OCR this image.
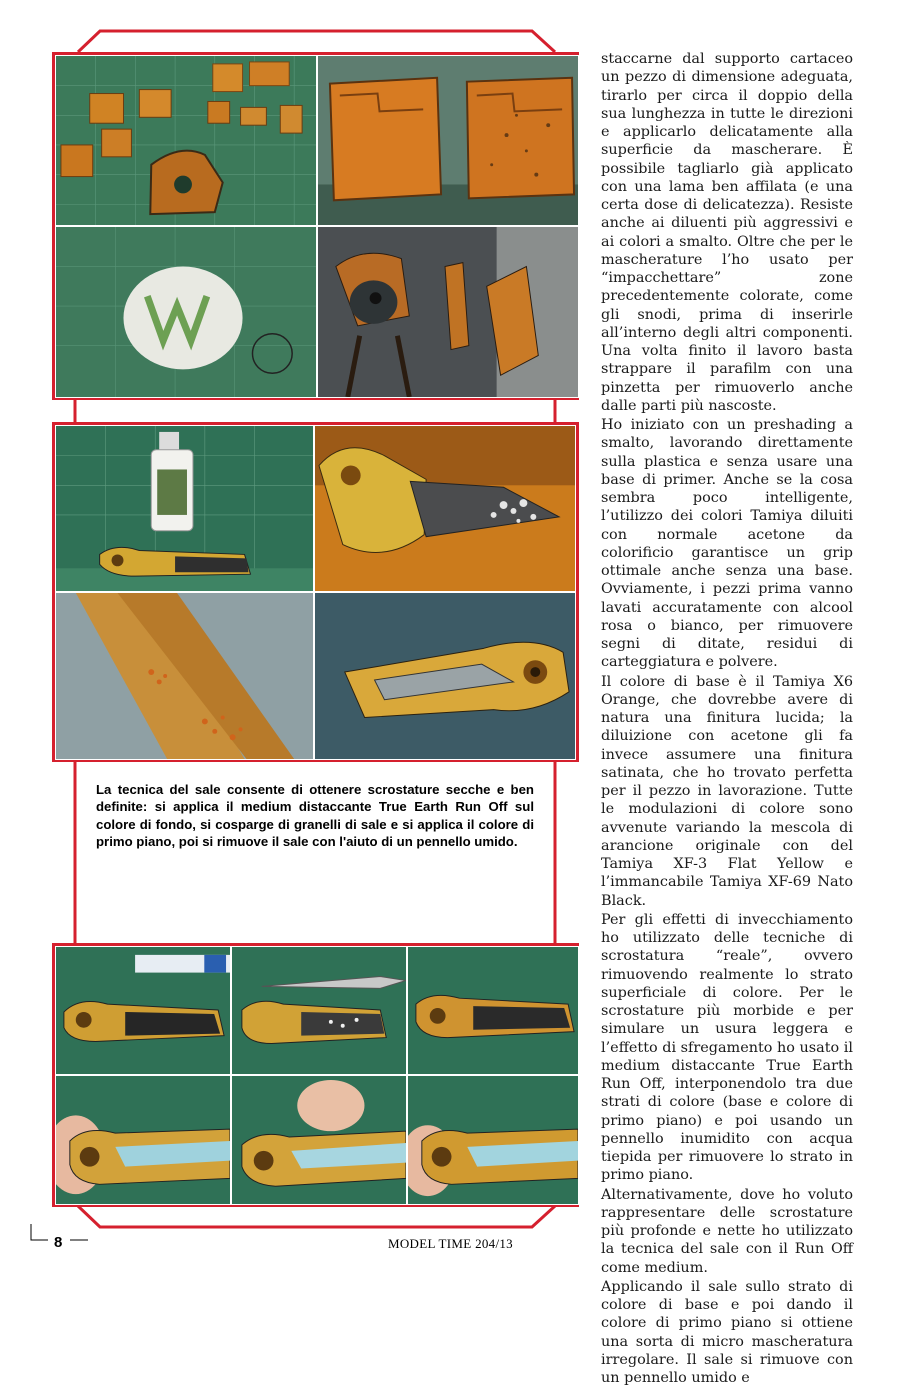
La tecnica del sale consente di ottenere scrostature secche e ben definite: si applica il medium distaccante True Earth Run Off sul colore di fondo, si cosparge di granelli di sale e si applica il colore di primo piano, poi si rimuove il sale con l'aiuto di un pennello umido.

staccarne dal supporto cartaceo un pezzo di dimensione adeguata, tirarlo per circa il doppio della sua lunghezza in tutte le direzioni e applicarlo delicatamente alla superficie da mascherare. È possibile tagliarlo già applicato con una lama ben affilata (e una certa dose di delicatezza). Resiste anche ai diluenti più aggressivi e ai colori a smalto. Oltre che per le mascherature l’ho usato per “impacchettare” zone precedentemente colorate, come gli snodi, prima di inserirle all’interno degli altri componenti. Una volta finito il lavoro basta strappare il parafilm con una pinzetta per rimuoverlo anche dalle parti più nascoste.

Ho iniziato con un preshading a smalto, lavorando direttamente sulla plastica e senza usare una base di primer. Anche se la cosa sembra poco intelligente, l’utilizzo dei colori Tamiya diluiti con normale acetone da colorificio garantisce un grip ottimale anche senza una base. Ovviamente, i pezzi prima vanno lavati accuratamente con alcool rosa o bianco, per rimuovere segni di ditate, residui di carteggiatura e polvere.

Il colore di base è il Tamiya X6 Orange, che dovrebbe avere di natura una finitura lucida; la diluizione con acetone gli fa invece assumere una finitura satinata, che ho trovato perfetta per il pezzo in lavorazione. Tutte le modulazioni di colore sono avvenute variando la mescola di arancione originale con del Tamiya XF-3 Flat Yellow e l’immancabile Tamiya XF-69 Nato Black.

Per gli effetti di invecchiamento ho utilizzato delle tecniche di scrostatura “reale”, ovvero rimuovendo realmente lo strato superficiale di colore. Per le scrostature più morbide e per simulare un usura leggera e l’effetto di sfregamento ho usato il medium distaccante True Earth Run Off, interponendolo tra due strati di colore (base e colore di primo piano) e poi usando un pennello inumidito con acqua tiepida per rimuovere lo strato in primo piano.

Alternativamente, dove ho voluto rappresentare delle scrostature più profonde e nette ho utilizzato la tecnica del sale con il Run Off come medium.

Applicando il sale sullo strato di colore di base e poi dando il colore di primo piano si ottiene una sorta di micro mascheratura irregolare. Il sale si rimuove con un pennello umido e

8	MODEL TIME 204/13
